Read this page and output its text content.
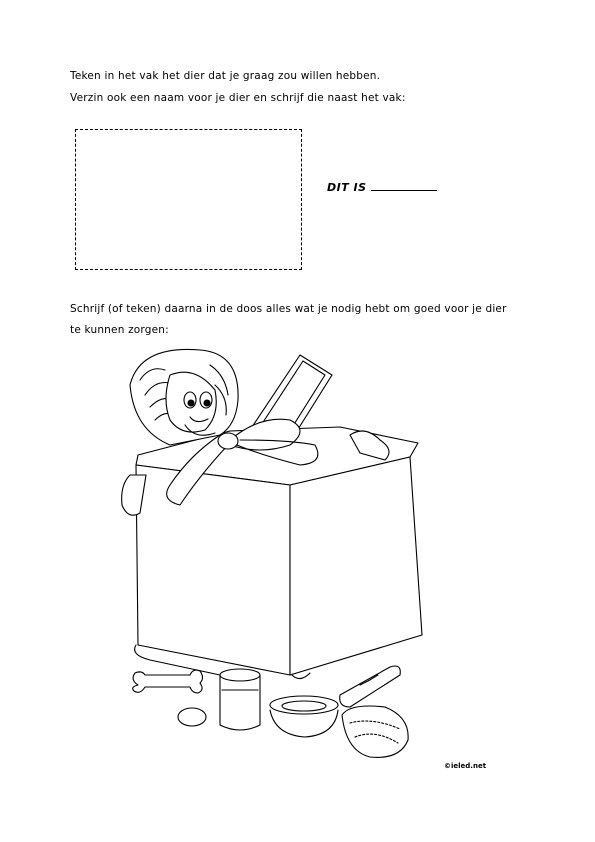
Teken in het vak het dier dat je graag zou willen hebben.
Verzin ook een naam voor je dier en schrijf die naast het vak:
DIT IS
Schrijf (of teken) daarna in de doos alles wat je nodig hebt om goed voor je dier
te kunnen zorgen:
©ieled.net
